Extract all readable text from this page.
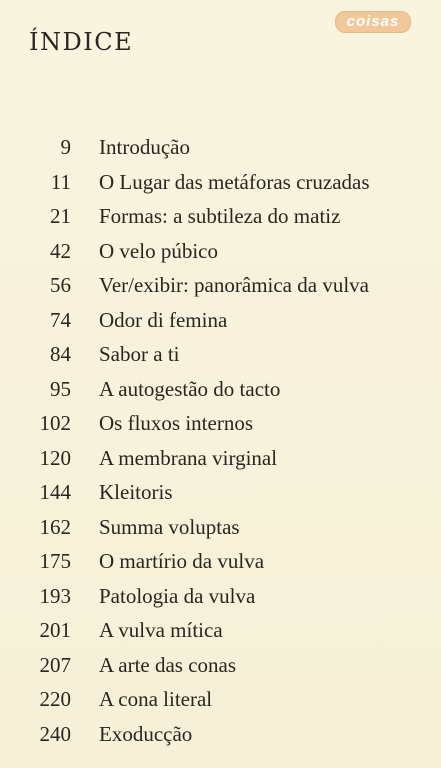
coisas
ÍNDICE
9 Introdução
11 O Lugar das metáforas cruzadas
21 Formas: a subtileza do matiz
42 O velo púbico
56 Ver/exibir: panorâmica da vulva
74 Odor di femina
84 Sabor a ti
95 A autogestão do tacto
102 Os fluxos internos
120 A membrana virginal
144 Kleitoris
162 Summa voluptas
175 O martírio da vulva
193 Patologia da vulva
201 A vulva mítica
207 A arte das conas
220 A cona literal
240 Exoducção
